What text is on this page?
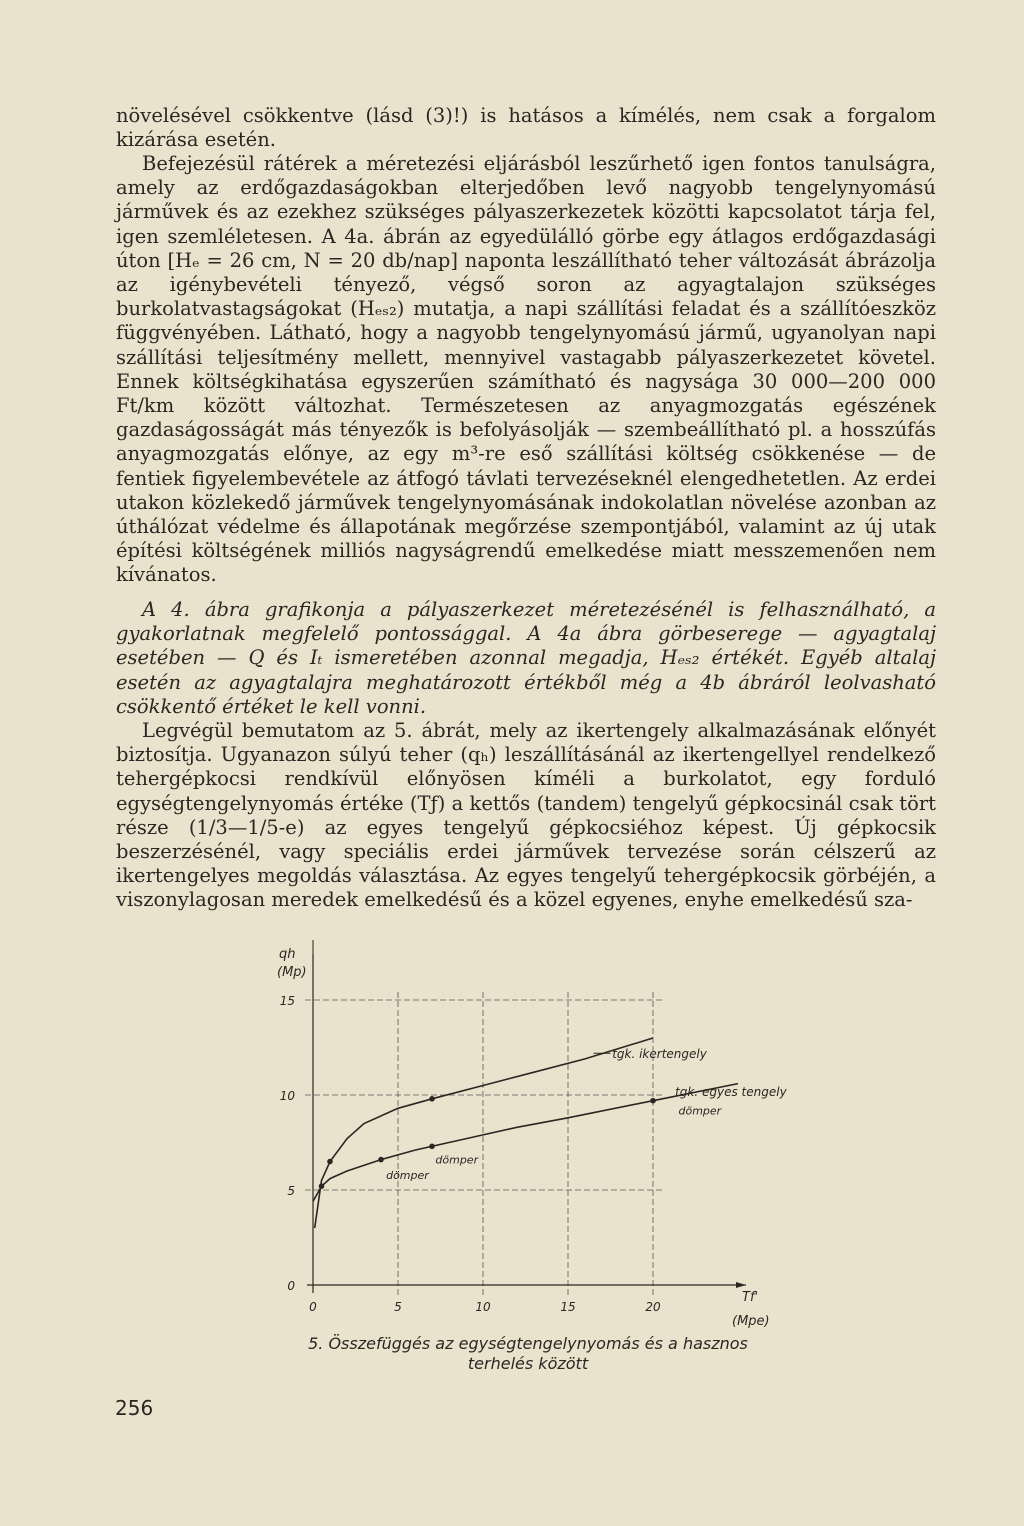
növelésével csökkentve (lásd (3)!) is hatásos a kímélés, nem csak a forgalom kizárása esetén.

Befejezésül rátérek a méretezési eljárásból leszűrhető igen fontos tanulságra, amely az erdőgazdaságokban elterjedőben levő nagyobb tengelynyomású járművek és az ezekhez szükséges pályaszerkezetek közötti kapcsolatot tárja fel, igen szemléletesen. A 4a. ábrán az egyedülálló görbe egy átlagos erdőgazdasági úton [Hₑ = 26 cm, N = 20 db/nap] naponta leszállítható teher változását ábrázolja az igénybevételi tényező, végső soron az agyagtalajon szükséges burkolatvastagságokat (Hₑₛ₂) mutatja, a napi szállítási feladat és a szállítóeszköz függvényében. Látható, hogy a nagyobb tengelynyomású jármű, ugyanolyan napi szállítási teljesítmény mellett, mennyivel vastagabb pályaszerkezetet követel. Ennek költségkihatása egyszerűen számítható és nagysága 30 000—200 000 Ft/km között változhat. Természetesen az anyagmozgatás egészének gazdaságosságát más tényezők is befolyásolják — szembeállítható pl. a hosszúfás anyagmozgatás előnye, az egy m³-re eső szállítási költség csökkenése — de fentiek figyelembevétele az átfogó távlati tervezéseknél elengedhetetlen. Az erdei utakon közlekedő járművek tengelynyomásának indokolatlan növelése azonban az úthálózat védelme és állapotának megőrzése szempontjából, valamint az új utak építési költségének milliós nagyságrendű emelkedése miatt messzemenően nem kívánatos.

A 4. ábra grafikonja a pályaszerkezet méretezésénél is felhasználható, a gyakorlatnak megfelelő pontossággal. A 4a ábra görbeserege — agyagtalaj esetében — Q és Iₜ ismeretében azonnal megadja, Hₑₛ₂ értékét. Egyéb altalaj esetén az agyagtalajra meghatározott értékből még a 4b ábráról leolvasható csökkentő értéket le kell vonni.

Legvégül bemutatom az 5. ábrát, mely az ikertengely alkalmazásának előnyét biztosítja. Ugyanazon súlyú teher (qₕ) leszállításánál az ikertengellyel rendelkező tehergépkocsi rendkívül előnyösen kíméli a burkolatot, egy forduló egységtengelynyomás értéke (Tƒ) a kettős (tandem) tengelyű gépkocsinál csak tört része (1/3—1/5-e) az egyes tengelyű gépkocsiéhoz képest. Új gépkocsik beszerzésénél, vagy speciális erdei járművek tervezése során célszerű az ikertengelyes megoldás választása. Az egyes tengelyű tehergépkocsik görbéjén, a viszonylagosan meredek emelkedésű és a közel egyenes, enyhe emelkedésű sza-

0	5	10	15	20
0
5
10
15
qh
(Mp)
Tf'
(Mpe)
tgk. ikertengely
tgk. egyes tengely
dömper
dömper
dömper
5. Összefüggés az egységtengelynyomás és a hasznos
terhelés között
256
